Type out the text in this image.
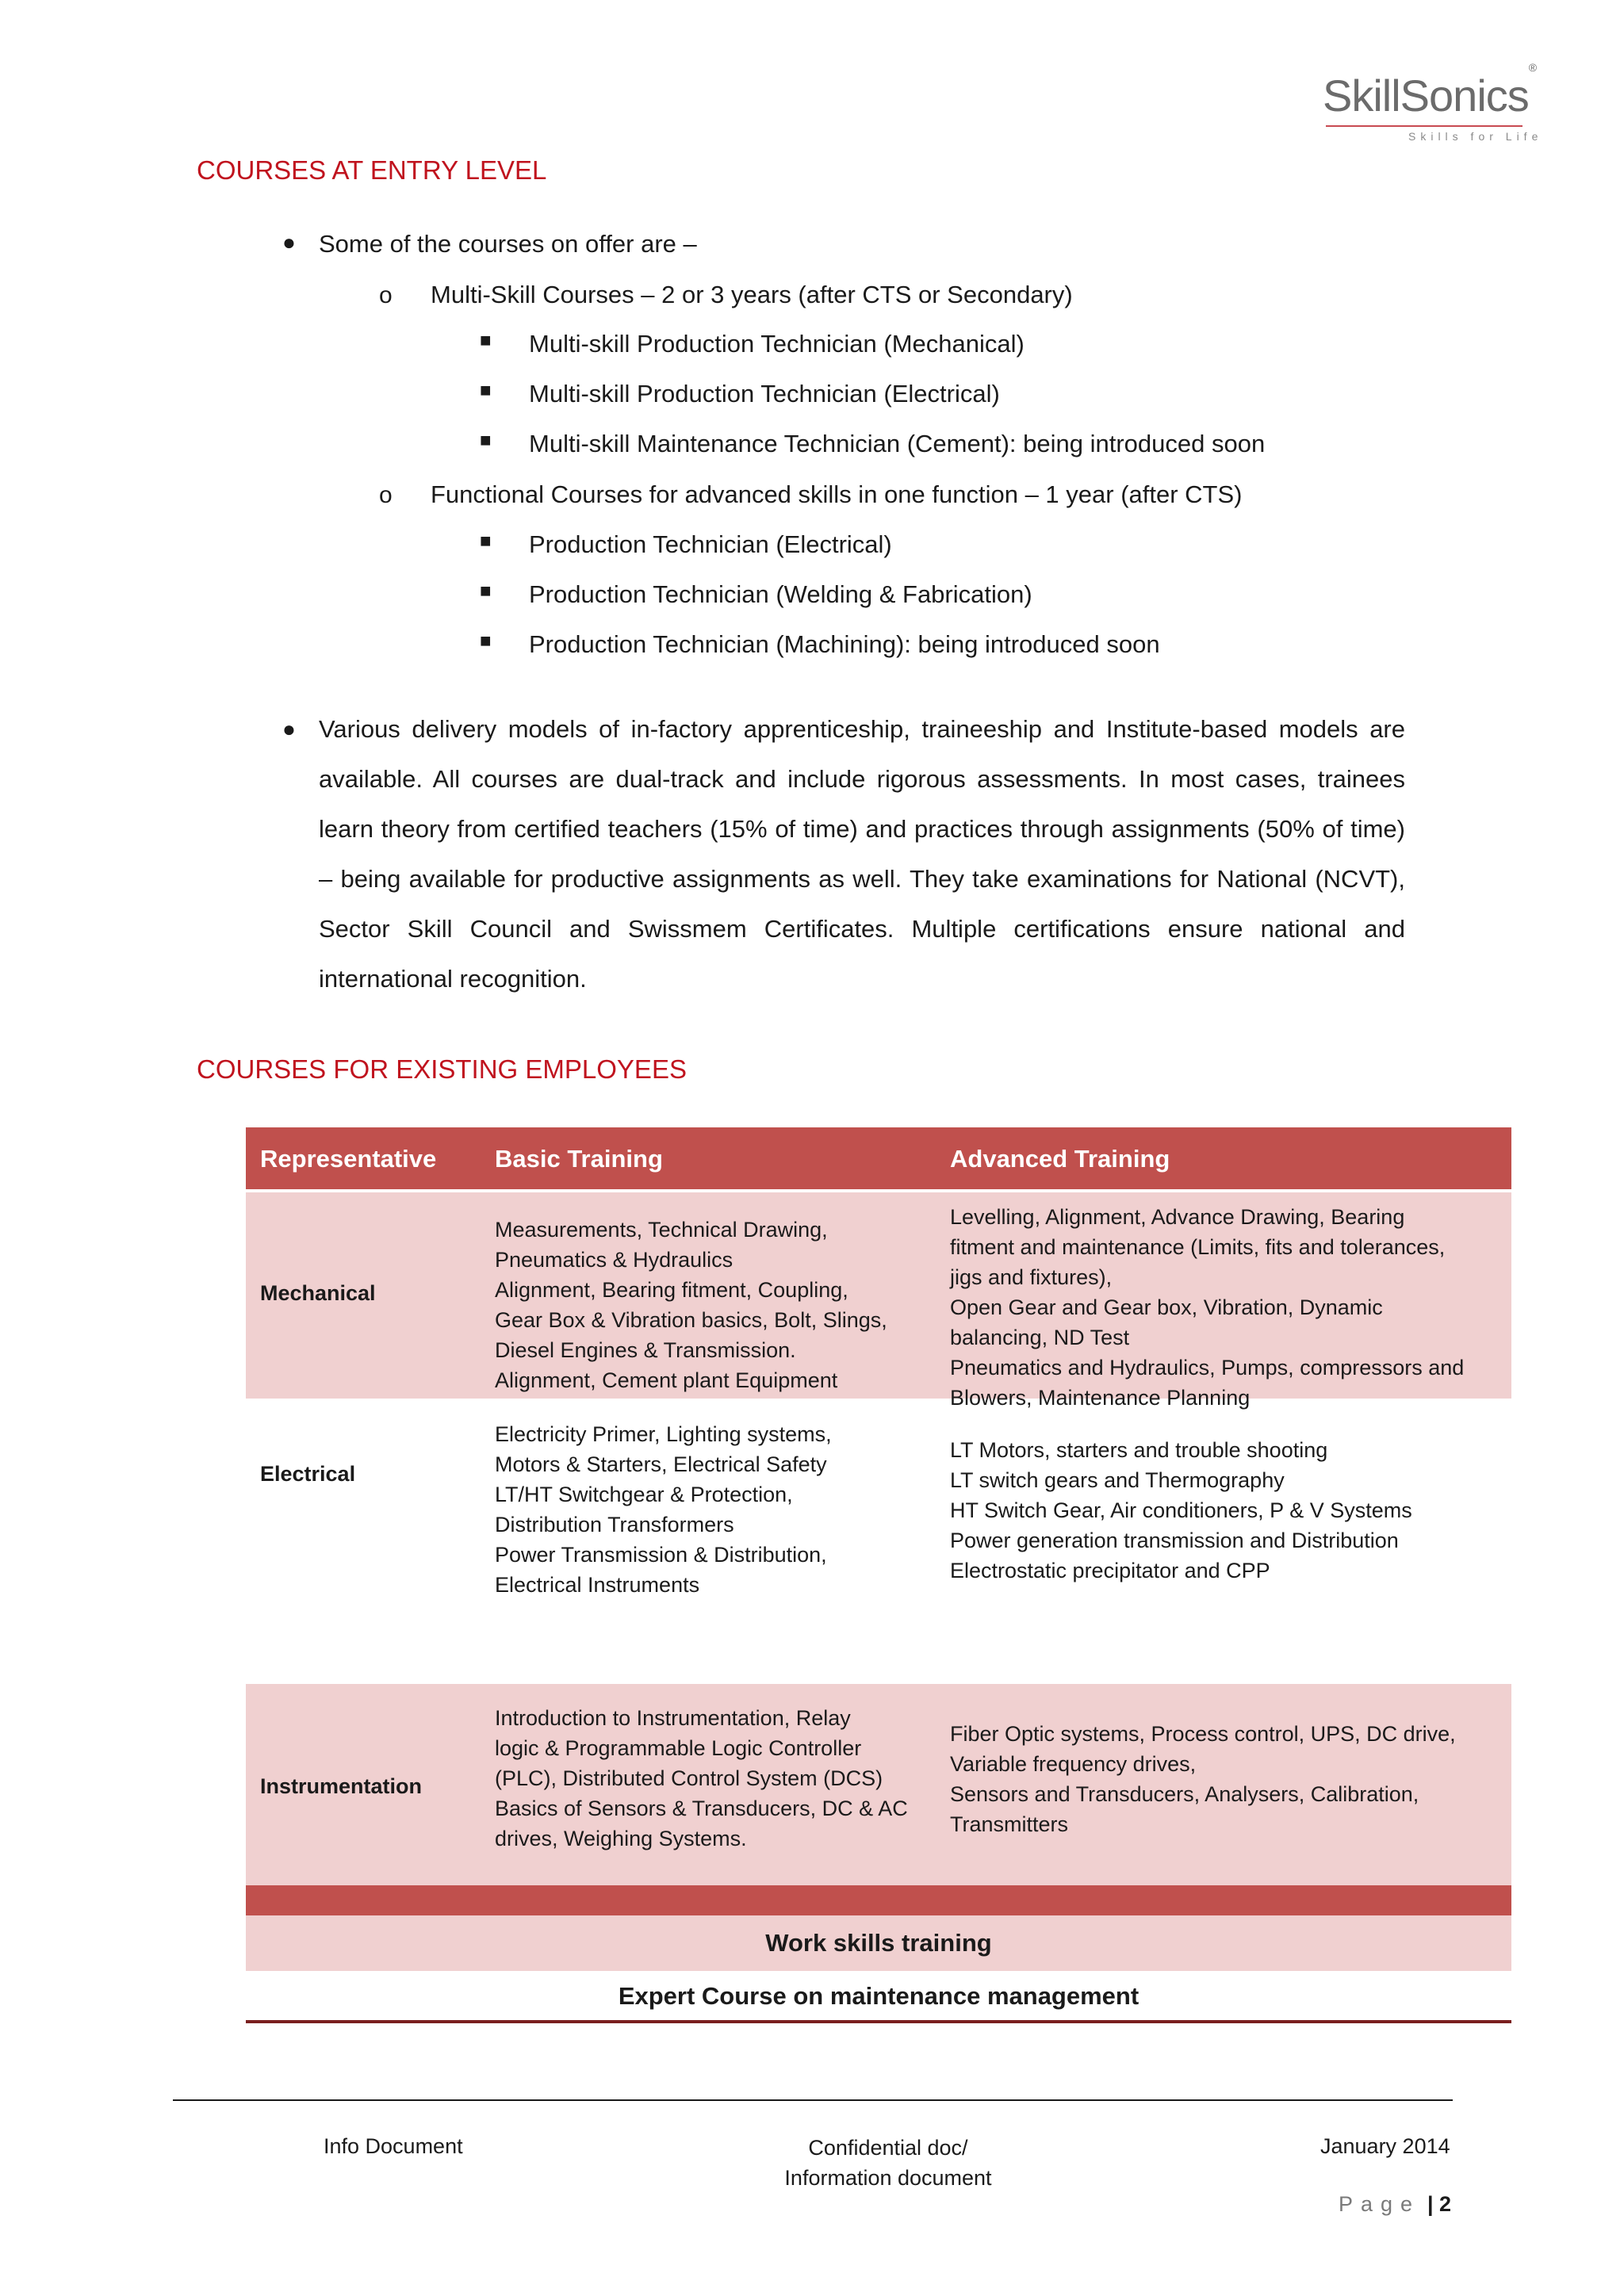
SkillSonics®
Skills for Life
COURSES AT ENTRY LEVEL
● Some of the courses on offer are –
o Multi-Skill Courses – 2 or 3 years (after CTS or Secondary)
■ Multi-skill Production Technician (Mechanical)
■ Multi-skill Production Technician (Electrical)
■ Multi-skill Maintenance Technician (Cement): being introduced soon
o Functional Courses for advanced skills in one function – 1 year (after CTS)
■ Production Technician (Electrical)
■ Production Technician (Welding & Fabrication)
■ Production Technician (Machining): being introduced soon
● Various delivery models of in-factory apprenticeship, traineeship and Institute-based models are available. All courses are dual-track and include rigorous assessments. In most cases, trainees learn theory from certified teachers (15% of time) and practices through assignments (50% of time) – being available for productive assignments as well. They take examinations for National (NCVT), Sector Skill Council and Swissmem Certificates. Multiple certifications ensure national and international recognition.
COURSES FOR EXISTING EMPLOYEES
Representative Basic Training	Advanced Training
Mechanical
Measurements, Technical Drawing,
Pneumatics & Hydraulics
Alignment, Bearing fitment, Coupling,
Gear Box & Vibration basics, Bolt, Slings,
Diesel Engines & Transmission.
Alignment, Cement plant Equipment
Levelling, Alignment, Advance Drawing, Bearing
fitment and maintenance (Limits, fits and tolerances,
jigs and fixtures),
Open Gear and Gear box, Vibration, Dynamic
balancing, ND Test
Pneumatics and Hydraulics, Pumps, compressors and
Blowers, Maintenance Planning
Electrical
Electricity Primer, Lighting systems,
Motors & Starters, Electrical Safety
LT/HT Switchgear & Protection,
Distribution Transformers
Power Transmission & Distribution,
Electrical Instruments
LT Motors, starters and trouble shooting
LT switch gears and Thermography
HT Switch Gear, Air conditioners, P & V Systems
Power generation transmission and Distribution
Electrostatic precipitator and CPP
Instrumentation
Introduction to Instrumentation, Relay
logic & Programmable Logic Controller
(PLC), Distributed Control System (DCS)
Basics of Sensors & Transducers, DC & AC
drives, Weighing Systems.
Fiber Optic systems, Process control, UPS, DC drive,
Variable frequency drives,
Sensors and Transducers, Analysers, Calibration,
Transmitters
Work skills training
Expert Course on maintenance management
Info Document	Confidential doc/
Information document
January 2014
Page | 2
